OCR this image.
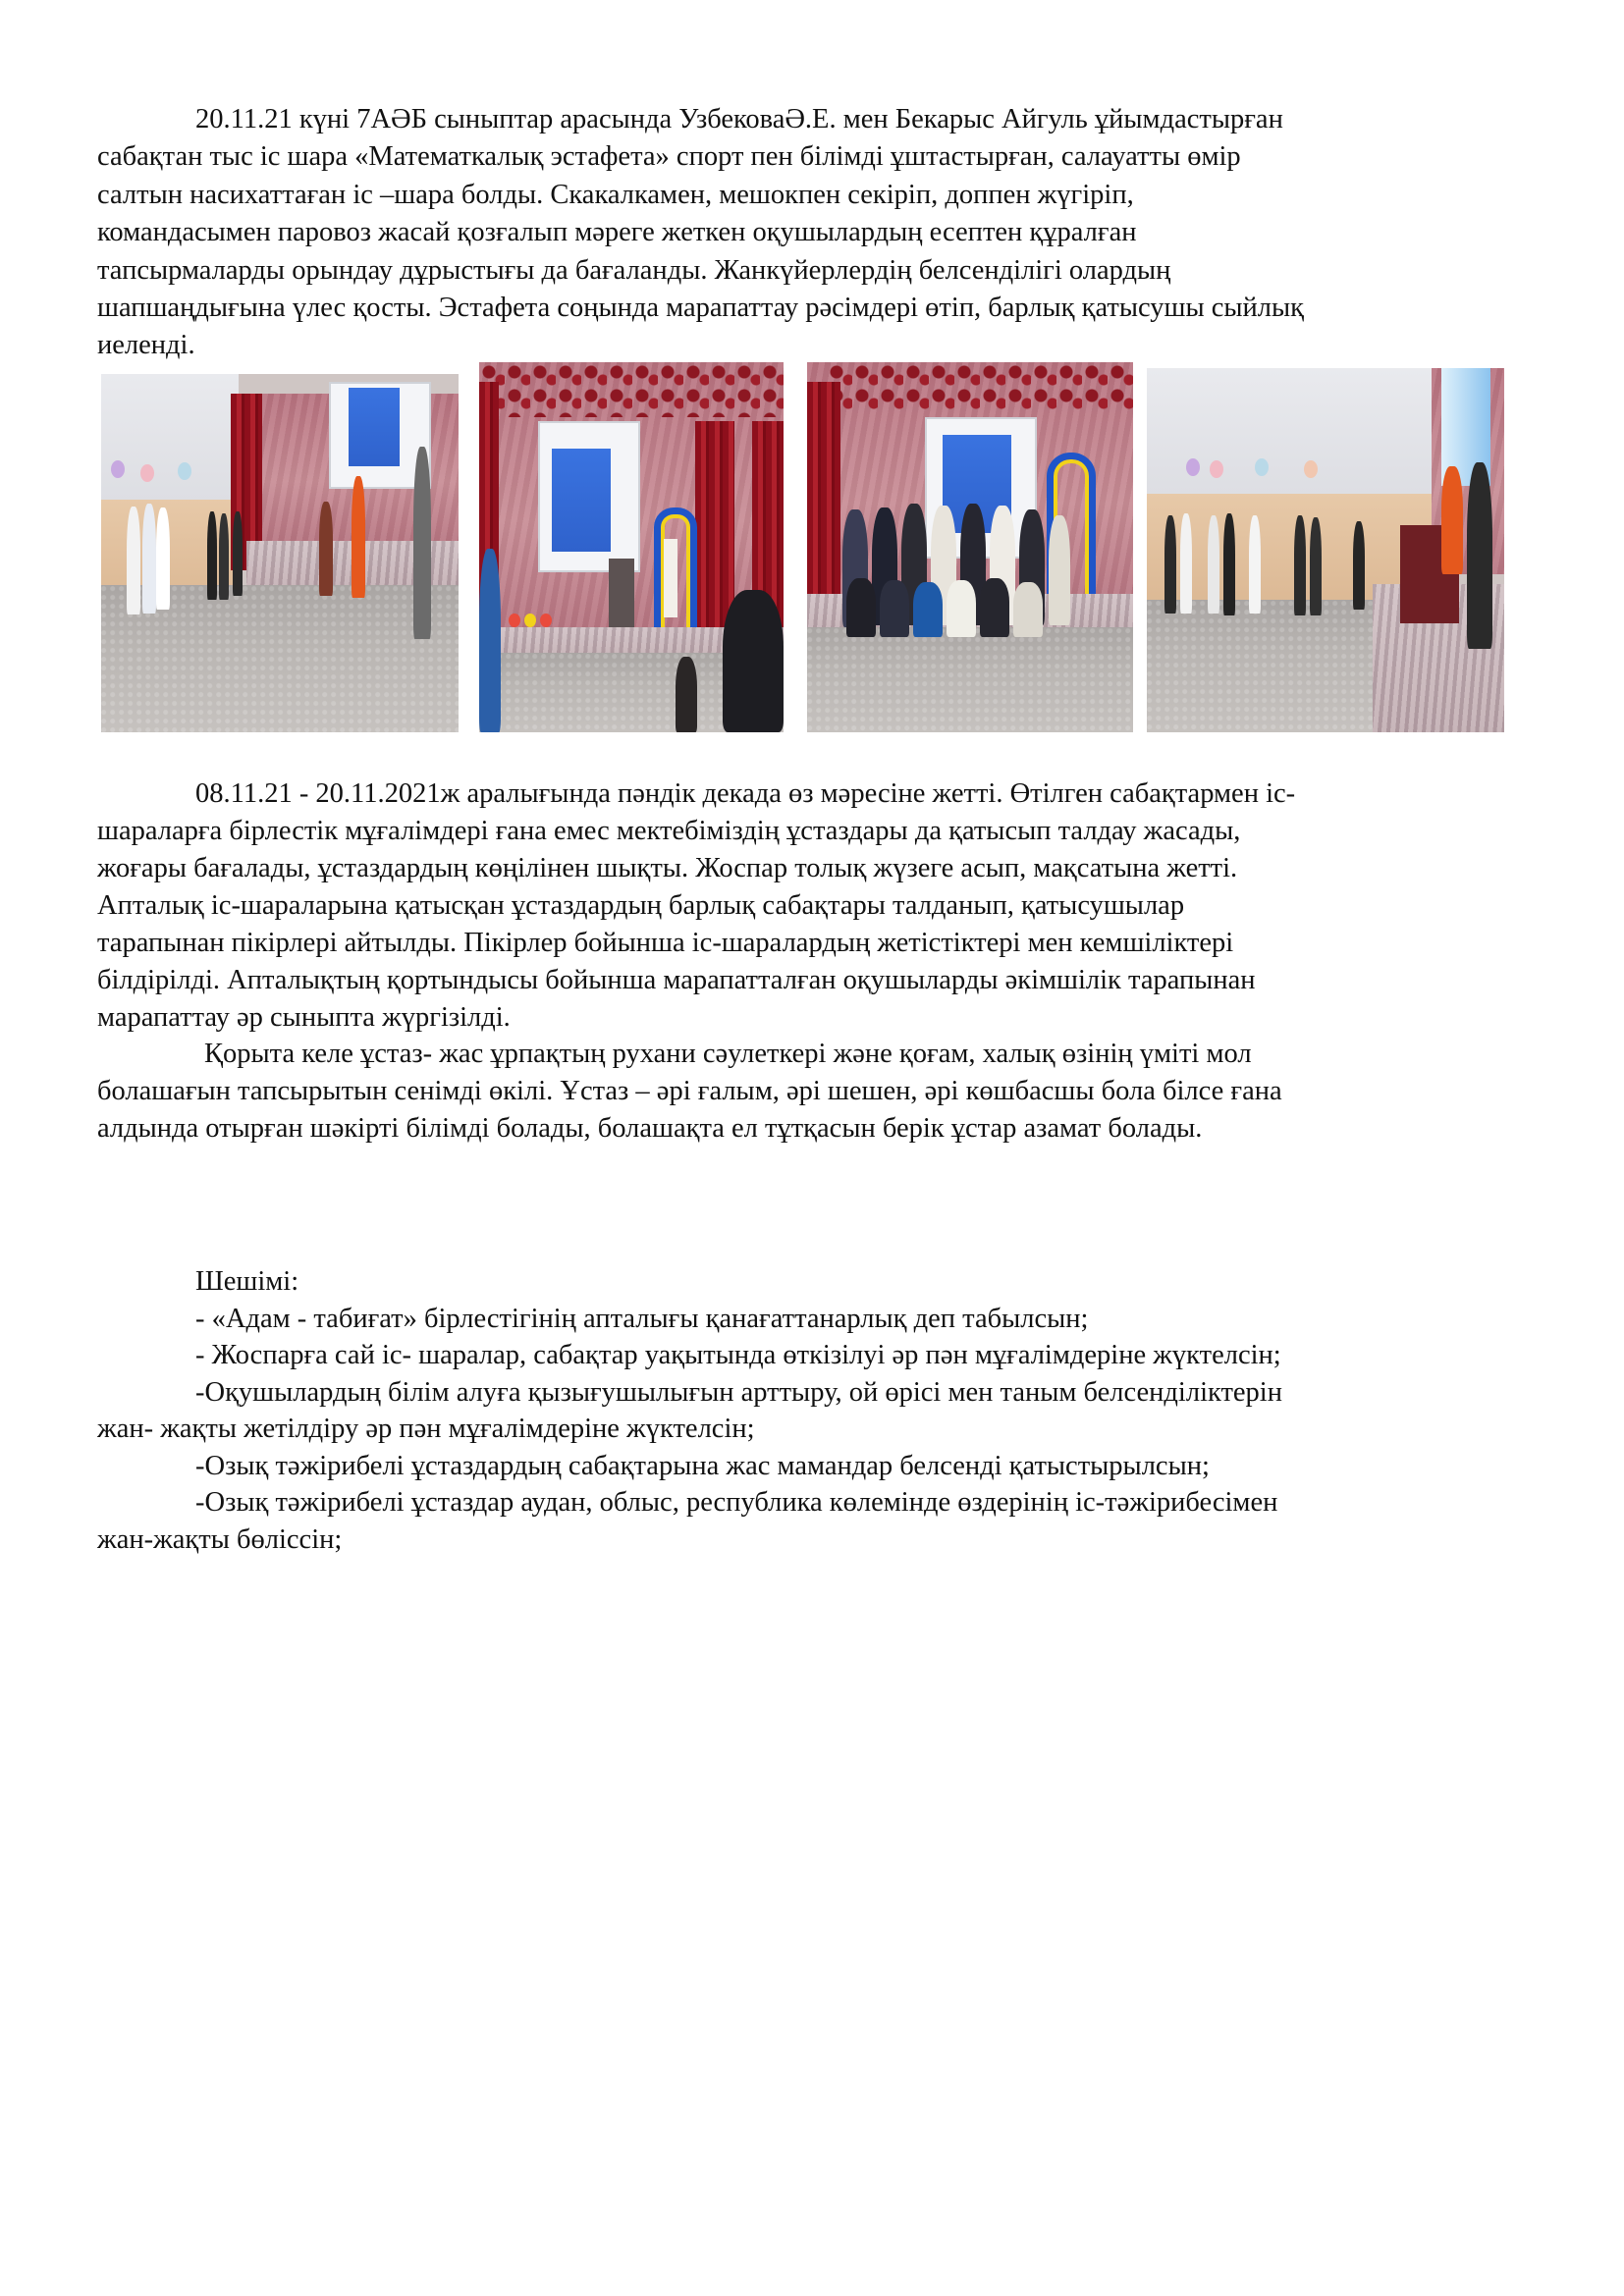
20.11.21 күні 7АӘБ сыныптар арасында УзбековаӘ.Е. мен Бекарыс Айгуль ұйымдастырған
сабақтан тыс іс шара «Математкалық эстафета» спорт пен білімді ұштастырған, салауатты өмір
салтын насихаттаған іс –шара болды. Скакалкамен, мешокпен секіріп, доппен жүгіріп,
командасымен паровоз жасай қозғалып мәреге жеткен оқушылардың есептен құралған
тапсырмаларды орындау дұрыстығы да бағаланды. Жанкүйерлердің белсенділігі олардың
шапшаңдығына үлес қосты. Эстафета соңында марапаттау рәсімдері өтіп, барлық қатысушы сыйлық
иеленді.
08.11.21 - 20.11.2021ж аралығында пәндік декада өз мәресіне жетті. Өтілген сабақтармен іс-
шараларға бірлестік мұғалімдері ғана емес мектебіміздің ұстаздары да қатысып талдау жасады,
жоғары бағалады, ұстаздардың көңілінен шықты. Жоспар толық жүзеге асып, мақсатына жетті.
Апталық іс-шараларына қатысқан ұстаздардың барлық сабақтары талданып, қатысушылар
тарапынан пікірлері айтылды. Пікірлер бойынша іс-шаралардың жетістіктері мен кемшіліктері
білдірілді. Апталықтың қортындысы бойынша марапатталған оқушыларды әкімшілік тарапынан
марапаттау әр сыныпта жүргізілді.
Қорыта келе ұстаз- жас ұрпақтың рухани сәулеткері және қоғам, халық өзінің үміті мол
болашағын тапсырытын сенімді өкілі. Ұстаз – әрі ғалым, әрі шешен, әрі көшбасшы бола білсе ғана
алдында отырған шәкірті білімді болады, болашақта ел тұтқасын берік ұстар азамат болады.
Шешімі:
- «Адам - табиғат» бірлестігінің апталығы қанағаттанарлық деп табылсын;
- Жоспарға сай іс- шаралар, сабақтар уақытында өткізілуі әр пән мұғалімдеріне жүктелсін;
-Оқушылардың білім алуға қызығушылығын арттыру, ой өрісі мен таным белсенділіктерін
жан- жақты жетілдіру әр пән мұғалімдеріне жүктелсін;
-Озық тәжірибелі ұстаздардың сабақтарына жас мамандар белсенді қатыстырылсын;
-Озық тәжірибелі ұстаздар аудан, облыс, республика көлемінде өздерінің іс-тәжірибесімен
жан-жақты бөліссін;
